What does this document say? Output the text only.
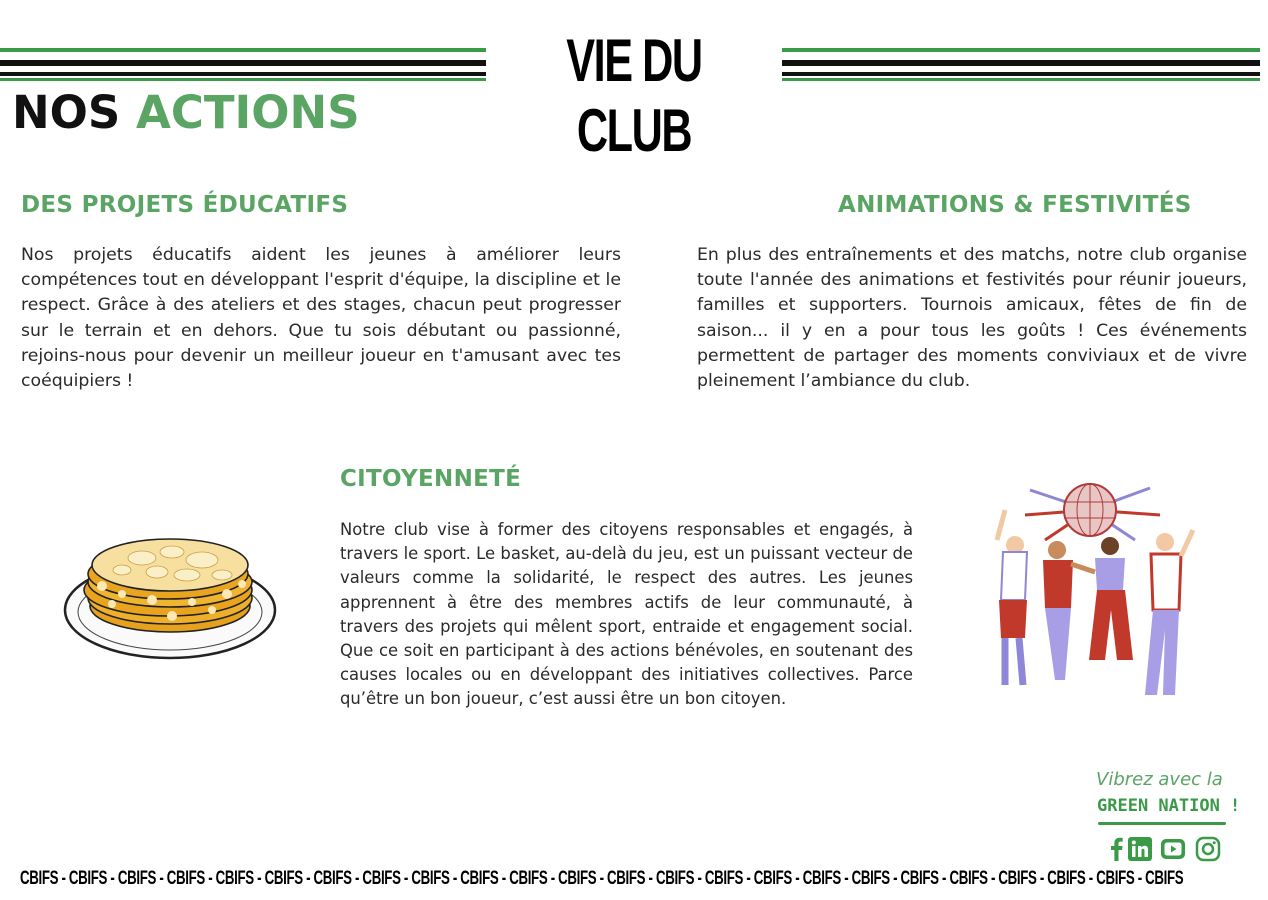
VIE DU CLUB
NOS ACTIONS
DES PROJETS ÉDUCATIFS
Nos projets éducatifs aident les jeunes à améliorer leurs compétences tout en développant l'esprit d'équipe, la discipline et le respect. Grâce à des ateliers et des stages, chacun peut progresser sur le terrain et en dehors. Que tu sois débutant ou passionné, rejoins-nous pour devenir un meilleur joueur en t'amusant avec tes coéquipiers !
ANIMATIONS & FESTIVITÉS
En plus des entraînements et des matchs, notre club organise toute l'année des animations et festivités pour réunir joueurs, familles et supporters. Tournois amicaux, fêtes de fin de saison... il y en a pour tous les goûts ! Ces événements permettent de partager des moments conviviaux et de vivre pleinement l’ambiance du club.
CITOYENNETÉ
Notre club vise à former des citoyens responsables et engagés, à travers le sport. Le basket, au-delà du jeu, est un puissant vecteur de valeurs comme la solidarité, le respect des autres. Les jeunes apprennent à être des membres actifs de leur communauté, à travers des projets qui mêlent sport, entraide et engagement social. Que ce soit en participant à des actions bénévoles, en soutenant des causes locales ou en développant des initiatives collectives. Parce qu’être un bon joueur, c’est aussi être un bon citoyen.
Vibrez avec la
GREEN NATION !
CBIFS - CBIFS - CBIFS - CBIFS - CBIFS - CBIFS - CBIFS - CBIFS - CBIFS - CBIFS - CBIFS - CBIFS - CBIFS - CBIFS - CBIFS - CBIFS - CBIFS - CBIFS - CBIFS - CBIFS - CBIFS - CBIFS - CBIFS - CBIFS
